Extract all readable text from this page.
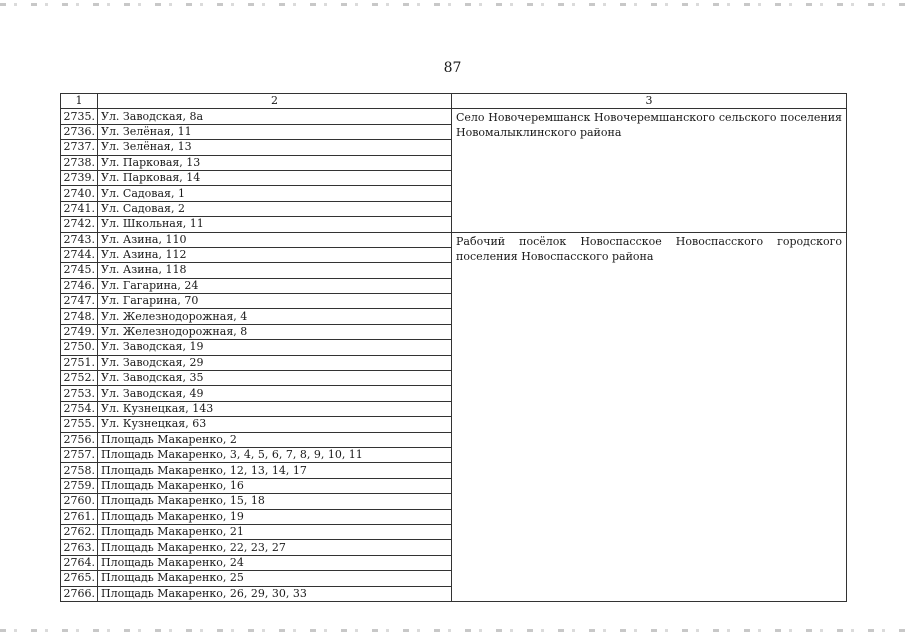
87
1	2	3
2735.	Ул. Заводская, 8а	Село Новочеремшанск Новочеремшанского сельского поселения Новомалыклинского района
2736.	Ул. Зелёная, 11	
2737.	Ул. Зелёная, 13	
2738.	Ул. Парковая, 13	
2739.	Ул. Парковая, 14	
2740.	Ул. Садовая, 1	
2741.	Ул. Садовая, 2	
2742.	Ул. Школьная, 11	
2743.	Ул. Азина, 110	Рабочий посёлок Новоспасское Новоспасского городского поселения Новоспасского района
2744.	Ул. Азина, 112	
2745.	Ул. Азина, 118	
2746.	Ул. Гагарина, 24	
2747.	Ул. Гагарина, 70	
2748.	Ул. Железнодорожная, 4	
2749.	Ул. Железнодорожная, 8	
2750.	Ул. Заводская, 19	
2751.	Ул. Заводская, 29	
2752.	Ул. Заводская, 35	
2753.	Ул. Заводская, 49	
2754.	Ул. Кузнецкая, 143	
2755.	Ул. Кузнецкая, 63	
2756.	Площадь Макаренко, 2	
2757.	Площадь Макаренко, 3, 4, 5, 6, 7, 8, 9, 10, 11	
2758.	Площадь Макаренко, 12, 13, 14, 17	
2759.	Площадь Макаренко, 16	
2760.	Площадь Макаренко, 15, 18	
2761.	Площадь Макаренко, 19	
2762.	Площадь Макаренко, 21	
2763.	Площадь Макаренко, 22, 23, 27	
2764.	Площадь Макаренко, 24	
2765.	Площадь Макаренко, 25	
2766.	Площадь Макаренко, 26, 29, 30, 33	
